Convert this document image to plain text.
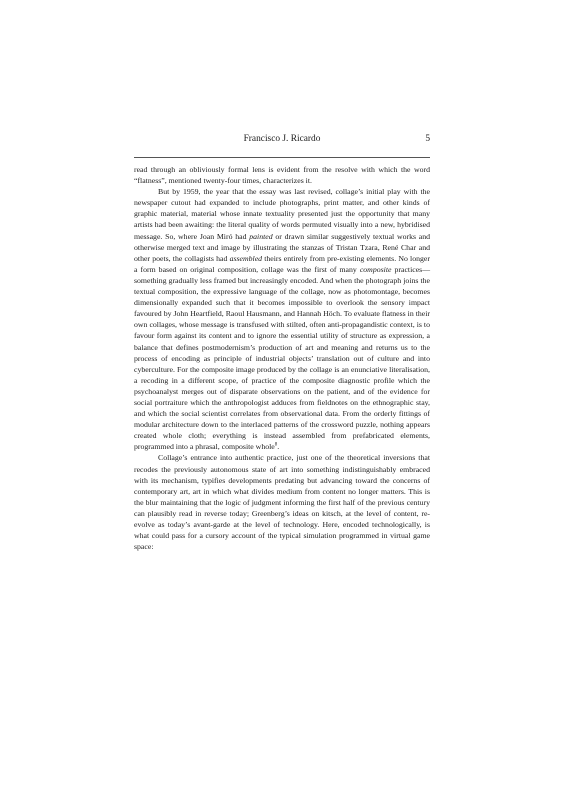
Francisco J. Ricardo	5

read through an obliviously formal lens is evident from the resolve with which the word “flatness”, mentioned twenty-four times, characterizes it.

But by 1959, the year that the essay was last revised, collage’s initial play with the newspaper cutout had expanded to include photographs, print matter, and other kinds of graphic material, material whose innate textuality presented just the opportunity that many artists had been awaiting: the literal quality of words permuted visually into a new, hybridised message. So, where Joan Miró had painted or drawn similar suggestively textual works and otherwise merged text and image by illustrating the stanzas of Tristan Tzara, René Char and other poets, the collagists had assembled theirs entirely from pre-existing elements. No longer a form based on original composition, collage was the first of many composite practices—something gradually less framed but increasingly encoded. And when the photograph joins the textual composition, the expressive language of the collage, now as photomontage, becomes dimensionally expanded such that it becomes impossible to overlook the sensory impact favoured by John Heartfield, Raoul Hausmann, and Hannah Höch. To evaluate flatness in their own collages, whose message is transfused with stilted, often anti-propagandistic context, is to favour form against its content and to ignore the essential utility of structure as expression, a balance that defines postmodernism’s production of art and meaning and returns us to the process of encoding as principle of industrial objects’ translation out of culture and into cyberculture. For the composite image produced by the collage is an enunciative literalisation, a recoding in a different scope, of practice of the composite diagnostic profile which the psychoanalyst merges out of disparate observations on the patient, and of the evidence for social portraiture which the anthropologist adduces from fieldnotes on the ethnographic stay, and which the social scientist correlates from observational data. From the orderly fittings of modular architecture down to the interlaced patterns of the crossword puzzle, nothing appears created whole cloth; everything is instead assembled from prefabricated elements, programmed into a phrasal, composite whole$^8$.

Collage’s entrance into authentic practice, just one of the theoretical inversions that recodes the previously autonomous state of art into something indistinguishably embraced with its mechanism, typifies developments predating but advancing toward the concerns of contemporary art, art in which what divides medium from content no longer matters. This is the blur maintaining that the logic of judgment informing the first half of the previous century can plausibly read in reverse today; Greenberg’s ideas on kitsch, at the level of content, re-evolve as today’s avant-garde at the level of technology. Here, encoded technologically, is what could pass for a cursory account of the typical simulation programmed in virtual game space:
